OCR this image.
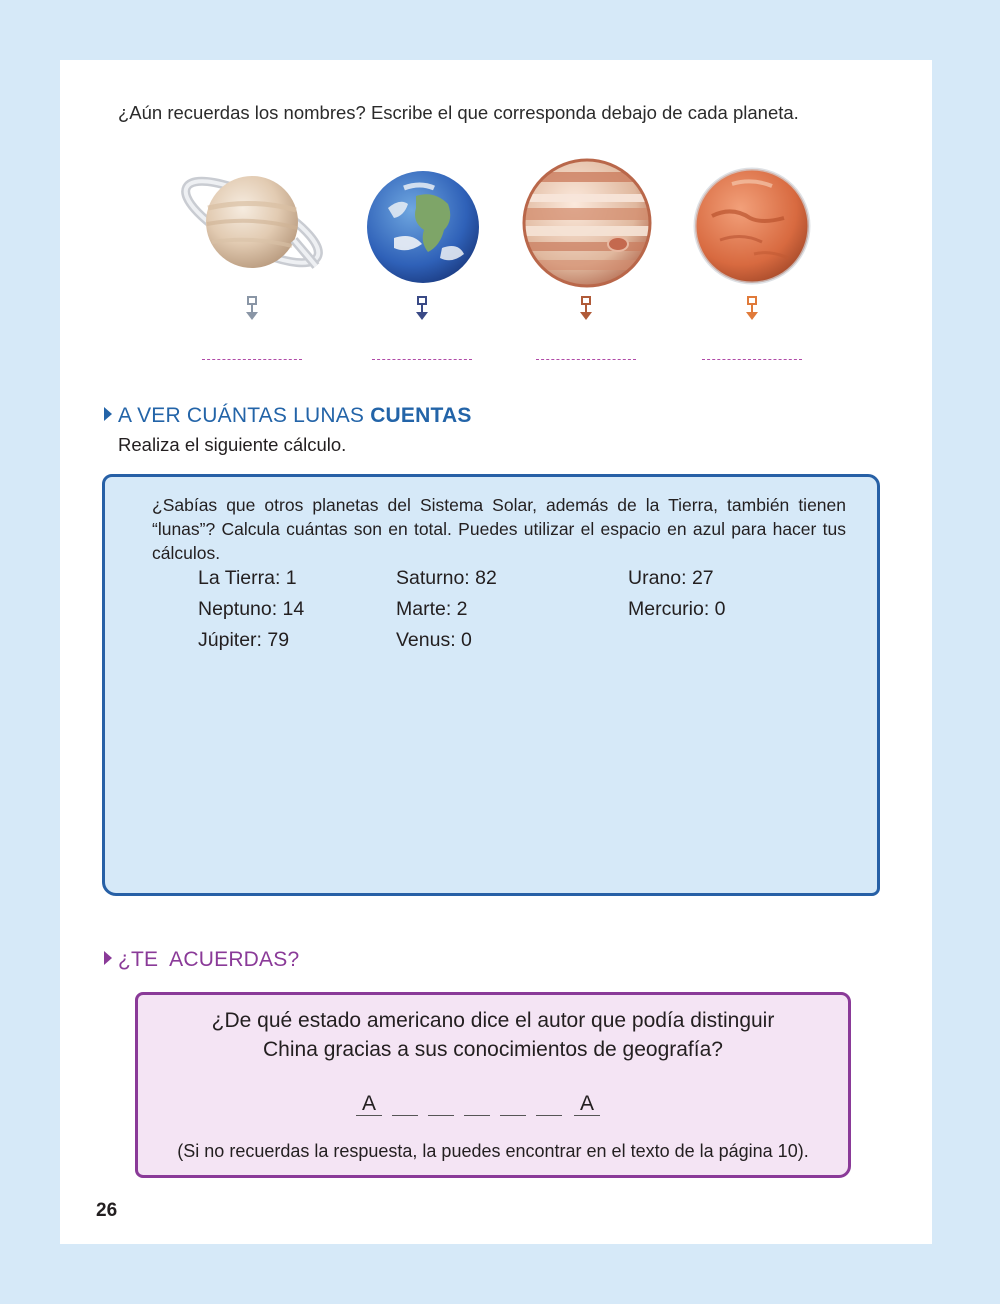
¿Aún recuerdas los nombres? Escribe el que corresponda debajo de cada planeta.
A VER CUÁNTAS LUNAS CUENTAS
Realiza el siguiente cálculo.
¿Sabías que otros planetas del Sistema Solar, además de la Tierra, también tienen “lunas”? Calcula cuántas son en total. Puedes utilizar el espacio en azul para hacer tus cálculos.
La Tierra: 1	Saturno: 82	Urano: 27
Neptuno: 14	Marte: 2	Mercurio: 0
Júpiter: 79	Venus: 0
¿TE  ACUERDAS?
¿De qué estado americano dice el autor que podía distinguir
China gracias a sus conocimientos de geografía?
A	A
(Si no recuerdas la respuesta, la puedes encontrar en el texto de la página 10).
26
